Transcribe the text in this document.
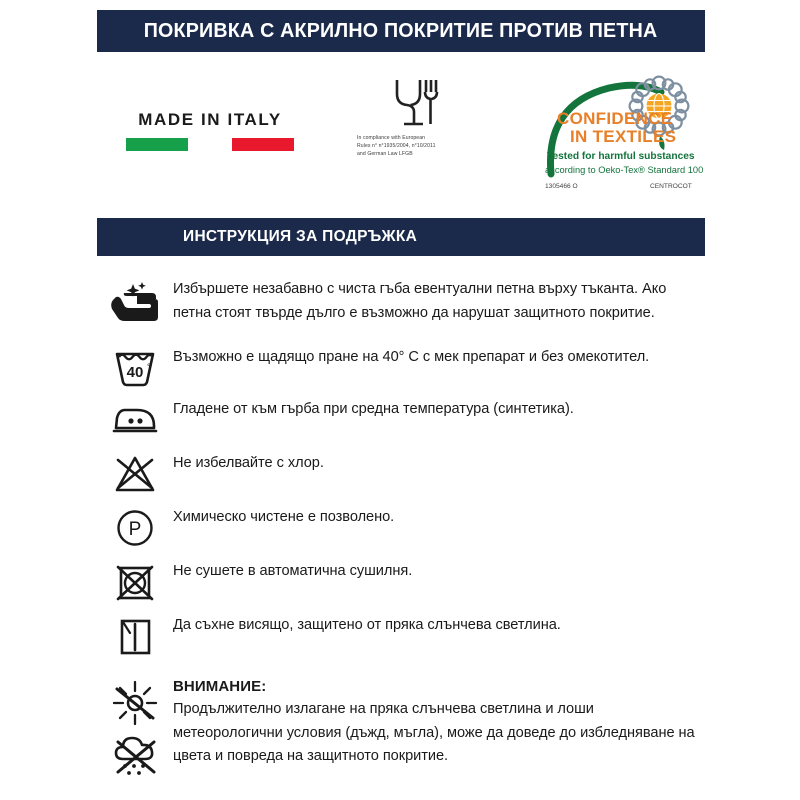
ПОКРИВКА С АКРИЛНО ПОКРИТИЕ ПРОТИВ ПЕТНА
MADE IN ITALY
In compliance with European
Rules n° n°1935/2004, n°10/2011
and German Law LFGB
CONFIDENCE
IN TEXTILES
Tested for harmful substances
according to Oeko-Tex® Standard 100
1305466 O	CENTROCOT
ИНСТРУКЦИЯ ЗА ПОДРЪЖКА
Избършете незабавно с чиста гъба евентуални петна върху тъканта. Ако петна стоят твърде дълго е възможно да нарушат защитното покритие.
40 °
Възможно е щадящо пране на 40° С с мек препарат и без омекотител.
Гладене от към гърба при средна температура (синтетика).
Не избелвайте с хлор.
P
Химическо чистене е позволено.
Не сушете в автоматична сушилня.
Да съхне висящо, защитено от пряка слънчева светлина.
ВНИМАНИЕ:
Продължително излагане на пряка слънчева светлина и лоши метеорологични условия (дъжд, мъгла), може да доведе до избледняване на цвета и повреда на защитното покритие.
